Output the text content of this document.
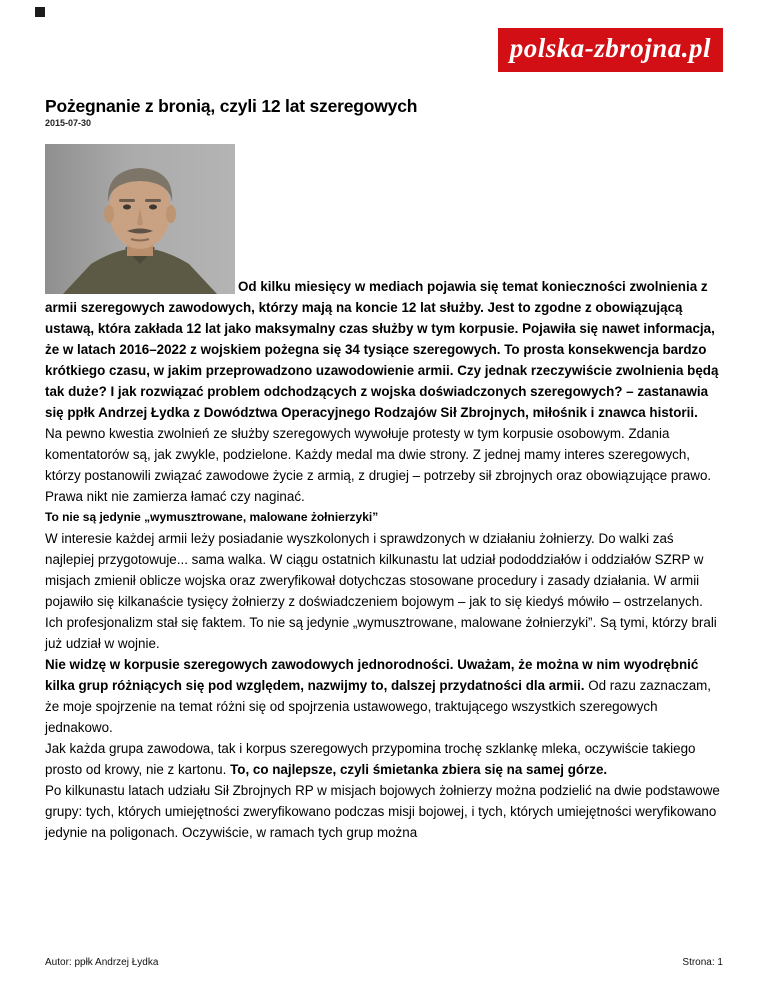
polska-zbrojna.pl
Pożegnanie z bronią, czyli 12 lat szeregowych
2015-07-30

Od kilku miesięcy w mediach pojawia się temat konieczności zwolnienia z armii szeregowych zawodowych, którzy mają na koncie 12 lat służby. Jest to zgodne z obowiązującą ustawą, która zakłada 12 lat jako maksymalny czas służby w tym korpusie. Pojawiła się nawet informacja, że w latach 2016–2022 z wojskiem pożegna się 34 tysiące szeregowych. To prosta konsekwencja bardzo krótkiego czasu, w jakim przeprowadzono uzawodowienie armii. Czy jednak rzeczywiście zwolnienia będą tak duże? I jak rozwiązać problem odchodzących z wojska doświadczonych szeregowych? – zastanawia się ppłk Andrzej Łydka z Dowództwa Operacyjnego Rodzajów Sił Zbrojnych, miłośnik i znawca historii.

Na pewno kwestia zwolnień ze służby szeregowych wywołuje protesty w tym korpusie osobowym. Zdania komentatorów są, jak zwykle, podzielone. Każdy medal ma dwie strony. Z jednej mamy interes szeregowych, którzy postanowili związać zawodowe życie z armią, z drugiej – potrzeby sił zbrojnych oraz obowiązujące prawo. Prawa nikt nie zamierza łamać czy naginać.

To nie są jedynie „wymusztrowane, malowane żołnierzyki”

W interesie każdej armii leży posiadanie wyszkolonych i sprawdzonych w działaniu żołnierzy. Do walki zaś najlepiej przygotowuje... sama walka. W ciągu ostatnich kilkunastu lat udział pododdziałów i oddziałów SZRP w misjach zmienił oblicze wojska oraz zweryfikował dotychczas stosowane procedury i zasady działania. W armii pojawiło się kilkanaście tysięcy żołnierzy z doświadczeniem bojowym – jak to się kiedyś mówiło – ostrzelanych. Ich profesjonalizm stał się faktem. To nie są jedynie „wymusztrowane, malowane żołnierzyki”. Są tymi, którzy brali już udział w wojnie.

Nie widzę w korpusie szeregowych zawodowych jednorodności. Uważam, że można w nim wyodrębnić kilka grup różniących się pod względem, nazwijmy to, dalszej przydatności dla armii. Od razu zaznaczam, że moje spojrzenie na temat różni się od spojrzenia ustawowego, traktującego wszystkich szeregowych jednakowo.

Jak każda grupa zawodowa, tak i korpus szeregowych przypomina trochę szklankę mleka, oczywiście takiego prosto od krowy, nie z kartonu. To, co najlepsze, czyli śmietanka zbiera się na samej górze.

Po kilkunastu latach udziału Sił Zbrojnych RP w misjach bojowych żołnierzy można podzielić na dwie podstawowe grupy: tych, których umiejętności zweryfikowano podczas misji bojowej, i tych, których umiejętności weryfikowano jedynie na poligonach. Oczywiście, w ramach tych grup można

Autor: ppłk Andrzej Łydka	Strona: 1
